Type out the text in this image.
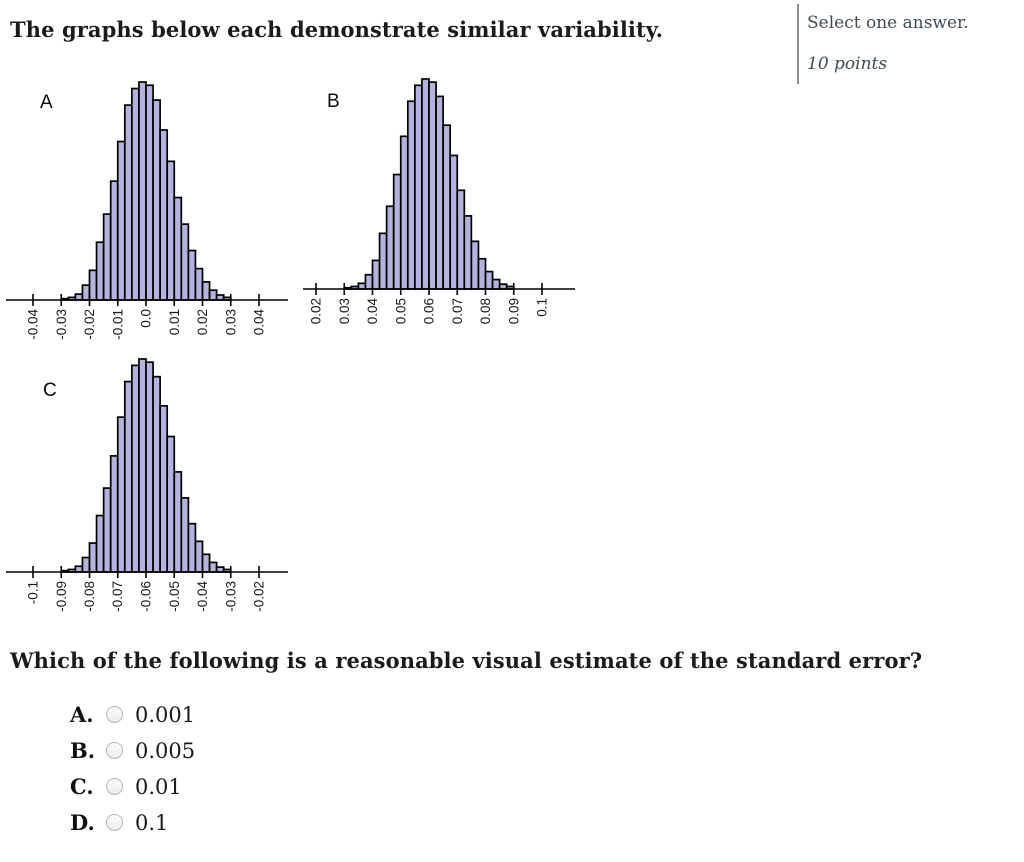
The graphs below each demonstrate similar variability.	Select one answer.
10 points
-0.04 -0.03 -0.02 -0.01 0.0 0.01 0.02 0.03 0.04
A
0.02 0.03 0.04 0.05 0.06 0.07 0.08 0.09 0.1
B
-0.1 -0.09 -0.08 -0.07 -0.06 -0.05 -0.04 -0.03 -0.02
C
Which of the following is a reasonable visual estimate of the standard error?
A.	0.001
B.	0.005
C.	0.01
D.	0.1
